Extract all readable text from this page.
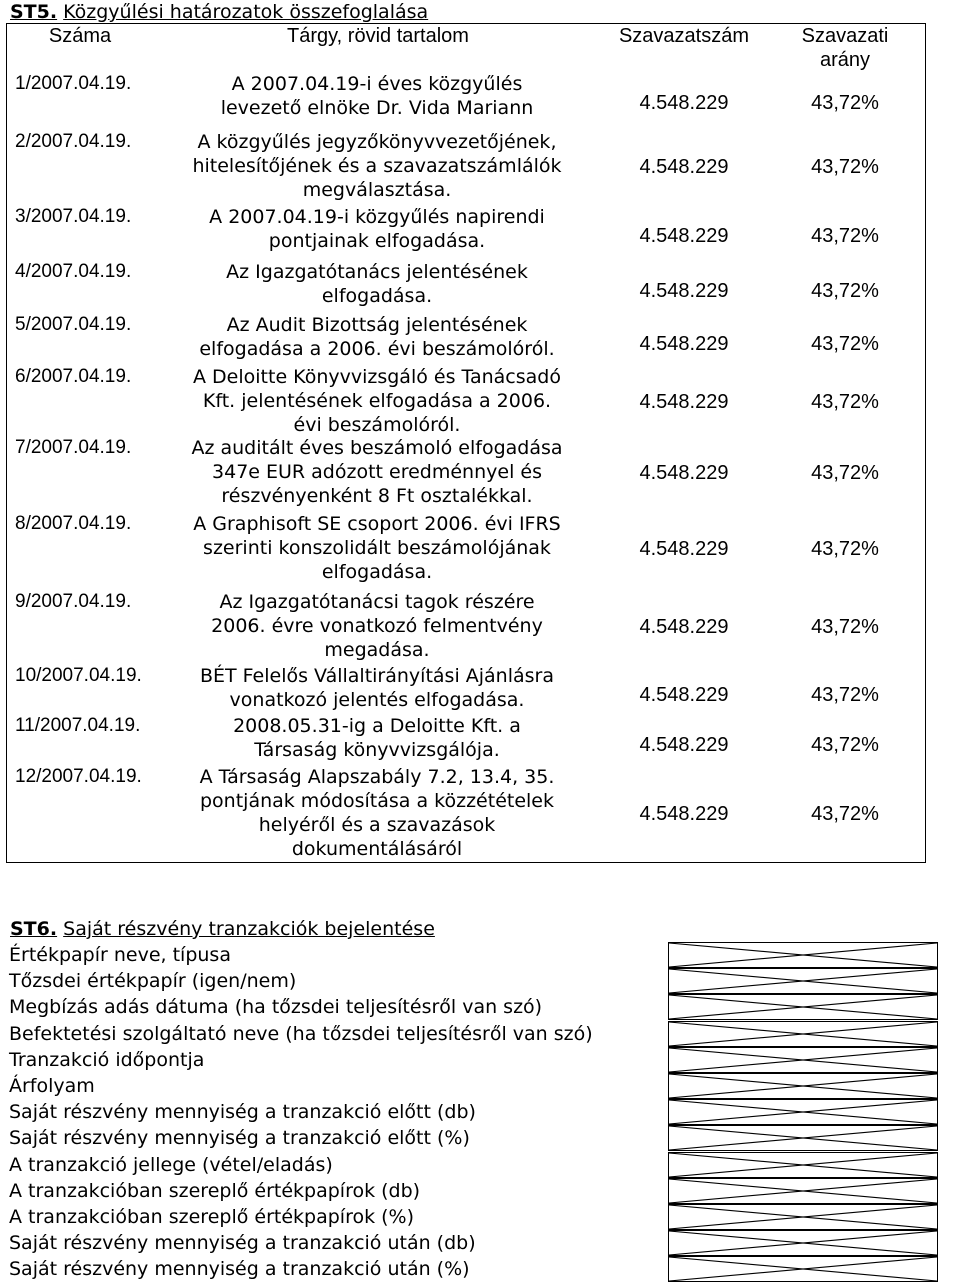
ST5. Közgyűlési határozatok összefoglalása
Száma	Tárgy, rövid tartalom	Szavazatszám	Szavazati
arány
1/2007.04.19.	A 2007.04.19-i éves közgyűlés
levezető elnöke Dr. Vida Mariann	4.548.229	43,72%
2/2007.04.19.	A közgyűlés jegyzőkönyvvezetőjének,
hitelesítőjének és a szavazatszámlálók
megválasztása.
4.548.229	43,72%
3/2007.04.19.	A 2007.04.19-i közgyűlés napirendi
pontjainak elfogadása.	4.548.229	43,72%
4/2007.04.19.	Az Igazgatótanács jelentésének
elfogadása.	4.548.229	43,72%
5/2007.04.19.	Az Audit Bizottság jelentésének
elfogadása a 2006. évi beszámolóról.	4.548.229	43,72%
6/2007.04.19.	A Deloitte Könyvvizsgáló és Tanácsadó
Kft. jelentésének elfogadása a 2006.
évi beszámolóról.
4.548.229	43,72%
7/2007.04.19.	Az auditált éves beszámoló elfogadása
347e EUR adózott eredménnyel és
részvényenként 8 Ft osztalékkal.
4.548.229	43,72%
8/2007.04.19.	A Graphisoft SE csoport 2006. évi IFRS
szerinti konszolidált beszámolójának
elfogadása.
4.548.229	43,72%
9/2007.04.19.	Az Igazgatótanácsi tagok részére
2006. évre vonatkozó felmentvény
megadása.
4.548.229	43,72%
10/2007.04.19.	BÉT Felelős Vállaltirányítási Ajánlásra
vonatkozó jelentés elfogadása.	4.548.229	43,72%
11/2007.04.19.	2008.05.31-ig a Deloitte Kft. a
Társaság könyvvizsgálója.	4.548.229	43,72%
12/2007.04.19.	A Társaság Alapszabály 7.2, 13.4, 35.
pontjának módosítása a közzétételek
helyéről és a szavazások
dokumentálásáról
4.548.229	43,72%
ST6. Saját részvény tranzakciók bejelentése
Értékpapír neve, típusa
Tőzsdei értékpapír (igen/nem)
Megbízás adás dátuma (ha tőzsdei teljesítésről van szó)
Befektetési szolgáltató neve (ha tőzsdei teljesítésről van szó)
Tranzakció időpontja
Árfolyam
Saját részvény mennyiség a tranzakció előtt (db)
Saját részvény mennyiség a tranzakció előtt (%)
A tranzakció jellege (vétel/eladás)
A tranzakcióban szereplő értékpapírok (db)
A tranzakcióban szereplő értékpapírok (%)
Saját részvény mennyiség a tranzakció után (db)
Saját részvény mennyiség a tranzakció után (%)
